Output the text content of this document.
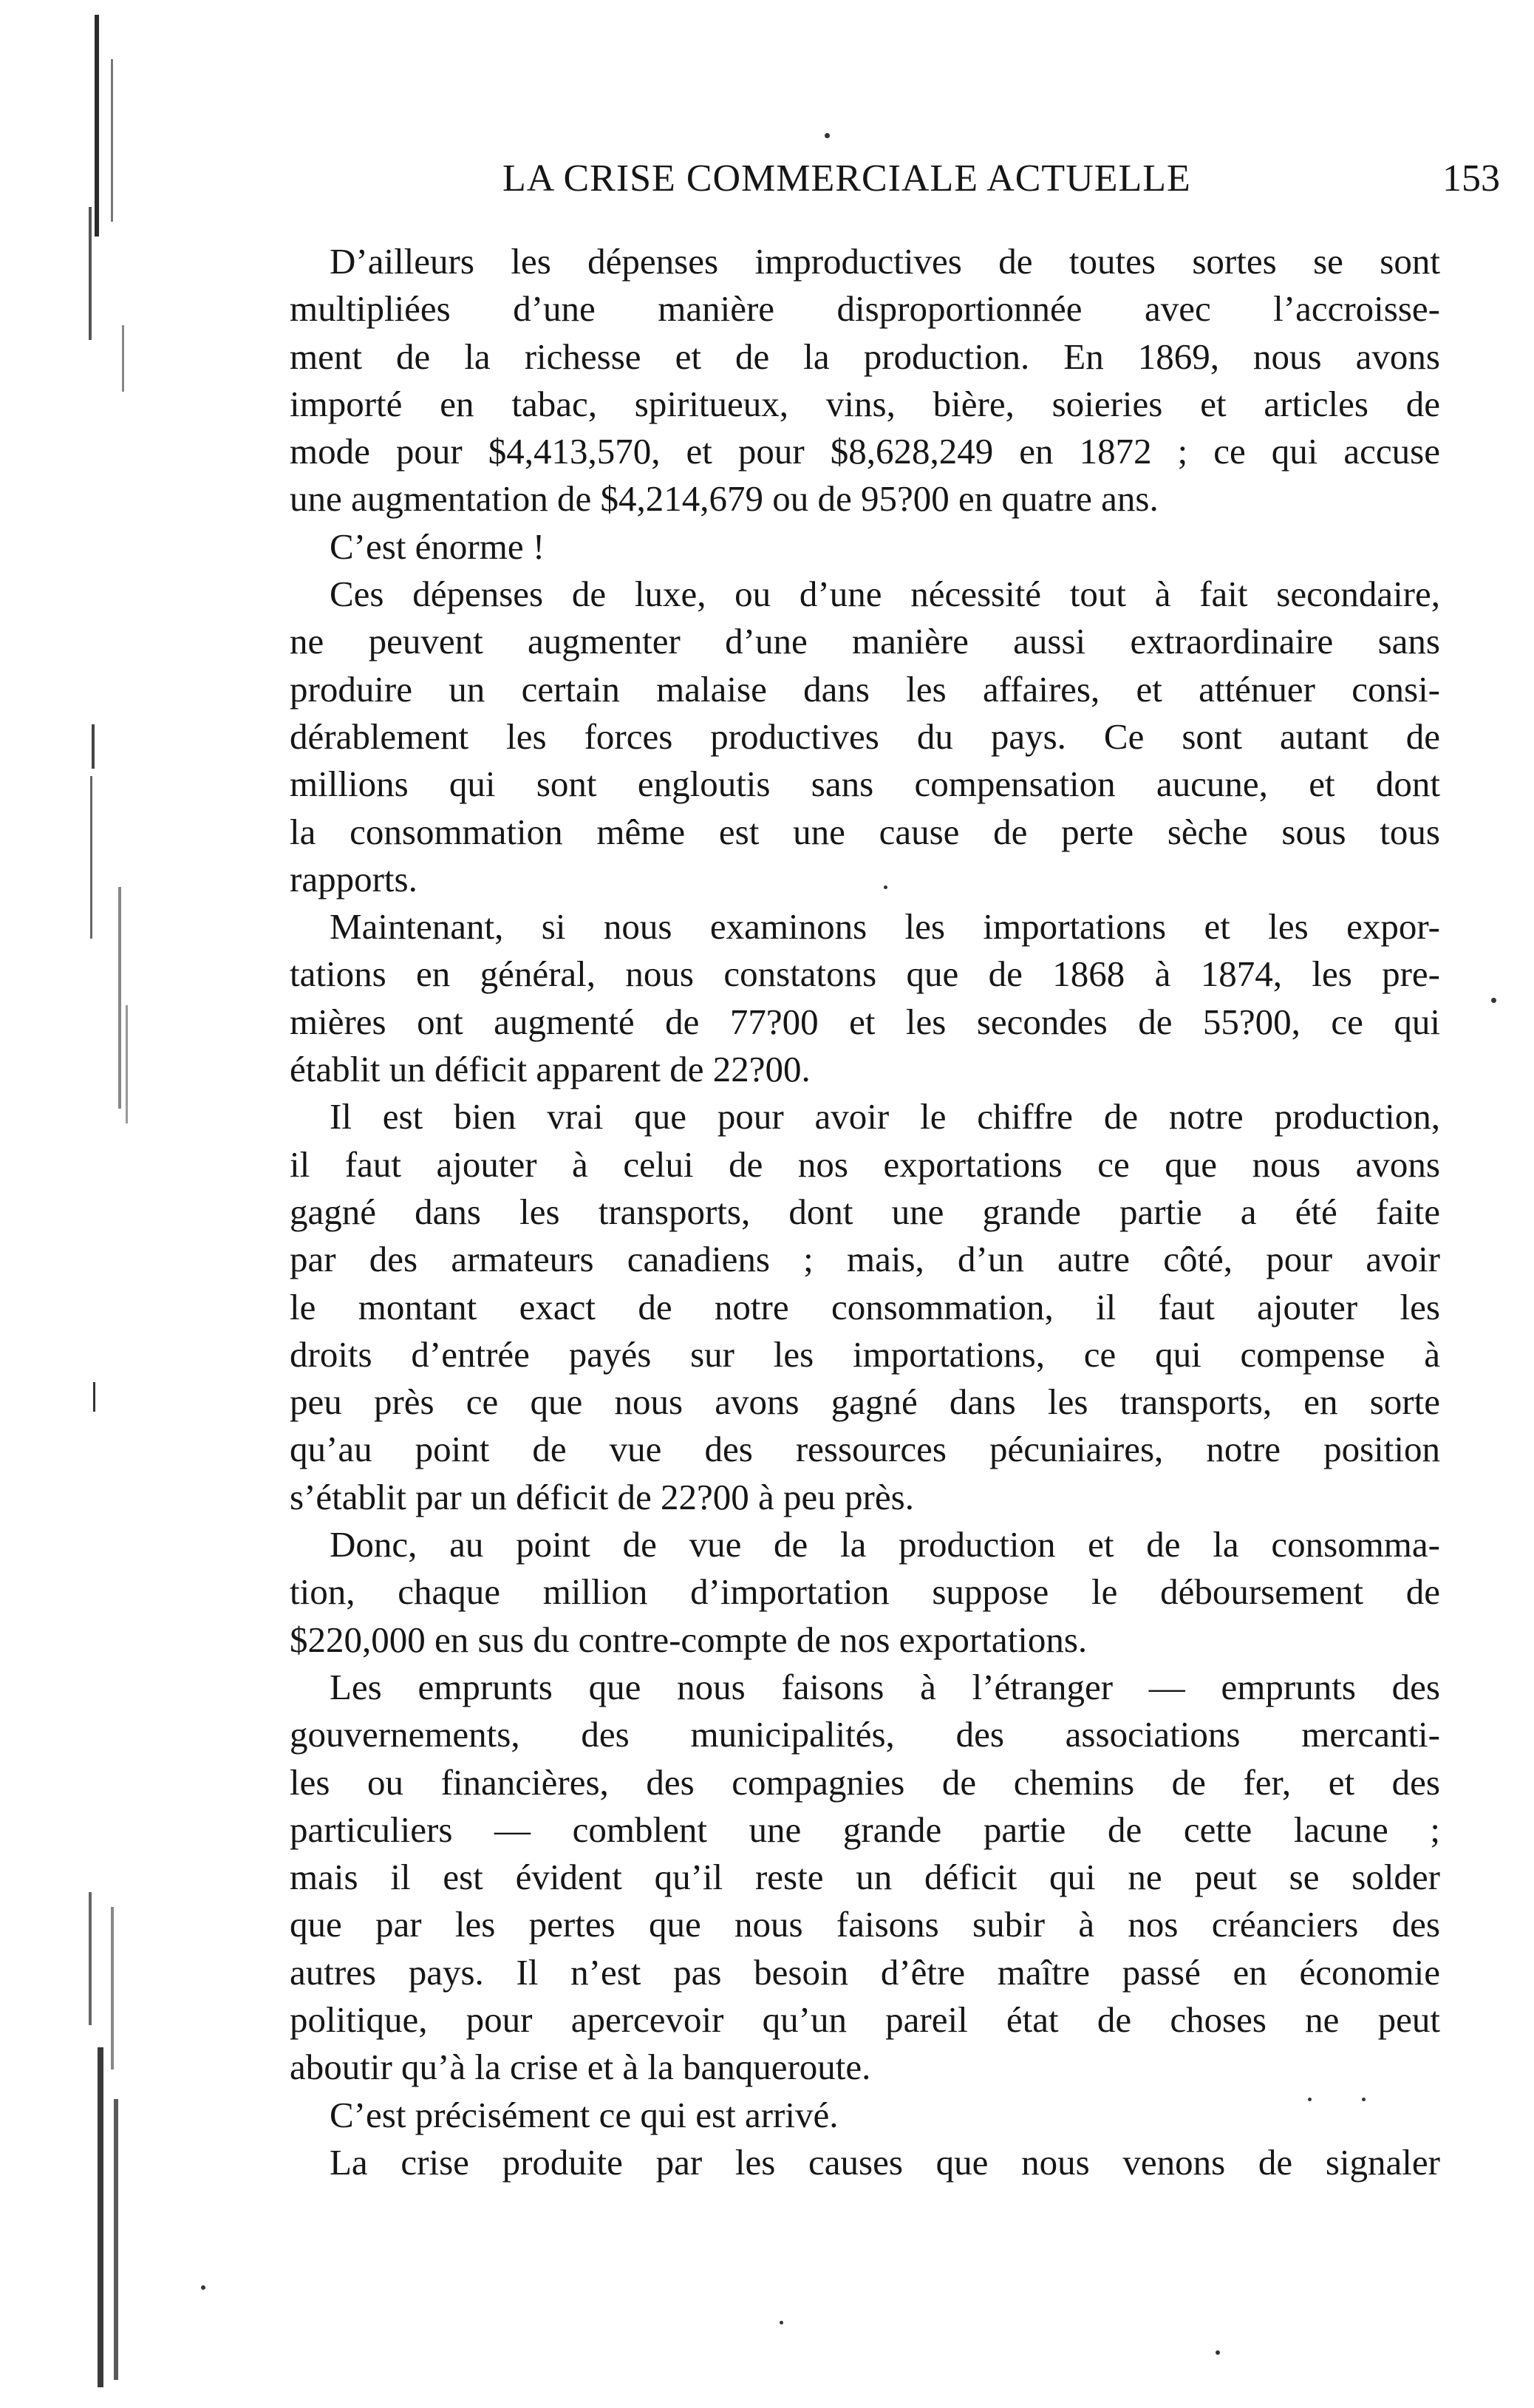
LA CRISE COMMERCIALE ACTUELLE	153
D’ailleurs les dépenses improductives de toutes sortes se sont
multipliées d’une manière disproportionnée avec l’accroisse-
ment de la richesse et de la production. En 1869, nous avons
importé en tabac, spiritueux, vins, bière, soieries et articles de
mode pour $4,413,570, et pour $8,628,249 en 1872 ; ce qui accuse
une augmentation de $4,214,679 ou de 95?00 en quatre ans.
C’est énorme !
Ces dépenses de luxe, ou d’une nécessité tout à fait secondaire,
ne peuvent augmenter d’une manière aussi extraordinaire sans
produire un certain malaise dans les affaires, et atténuer consi-
dérablement les forces productives du pays. Ce sont autant de
millions qui sont engloutis sans compensation aucune, et dont
la consommation même est une cause de perte sèche sous tous
rapports.
Maintenant, si nous examinons les importations et les expor-
tations en général, nous constatons que de 1868 à 1874, les pre-
mières ont augmenté de 77?00 et les secondes de 55?00, ce qui
établit un déficit apparent de 22?00.
Il est bien vrai que pour avoir le chiffre de notre production,
il faut ajouter à celui de nos exportations ce que nous avons
gagné dans les transports, dont une grande partie a été faite
par des armateurs canadiens ; mais, d’un autre côté, pour avoir
le montant exact de notre consommation, il faut ajouter les
droits d’entrée payés sur les importations, ce qui compense à
peu près ce que nous avons gagné dans les transports, en sorte
qu’au point de vue des ressources pécuniaires, notre position
s’établit par un déficit de 22?00 à peu près.
Donc, au point de vue de la production et de la consomma-
tion, chaque million d’importation suppose le déboursement de
$220,000 en sus du contre-compte de nos exportations.
Les emprunts que nous faisons à l’étranger — emprunts des
gouvernements, des municipalités, des associations mercanti-
les ou financières, des compagnies de chemins de fer, et des
particuliers — comblent une grande partie de cette lacune ;
mais il est évident qu’il reste un déficit qui ne peut se solder
que par les pertes que nous faisons subir à nos créanciers des
autres pays. Il n’est pas besoin d’être maître passé en économie
politique, pour apercevoir qu’un pareil état de choses ne peut
aboutir qu’à la crise et à la banqueroute.
C’est précisément ce qui est arrivé.
La crise produite par les causes que nous venons de signaler
